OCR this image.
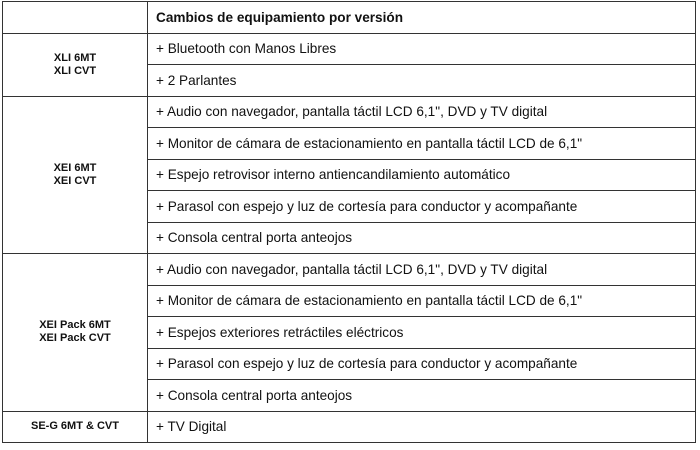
	Cambios de equipamiento por versión

XLI 6MT
XLI CVT	+ Bluetooth con Manos Libres
	+ 2 Parlantes

XEI 6MT
XEI CVT	+ Audio con navegador, pantalla táctil LCD 6,1", DVD y TV digital
	+ Monitor de cámara de estacionamiento en pantalla táctil LCD de 6,1"
	+ Espejo retrovisor interno antiencandilamiento automático
	+ Parasol con espejo y luz de cortesía para conductor y acompañante
	+ Consola central porta anteojos

XEI Pack 6MT
XEI Pack CVT	+ Audio con navegador, pantalla táctil LCD 6,1", DVD y TV digital
	+ Monitor de cámara de estacionamiento en pantalla táctil LCD de 6,1"
	+ Espejos exteriores retráctiles eléctricos
	+ Parasol con espejo y luz de cortesía para conductor y acompañante
	+ Consola central porta anteojos

SE-G 6MT & CVT	+ TV Digital
